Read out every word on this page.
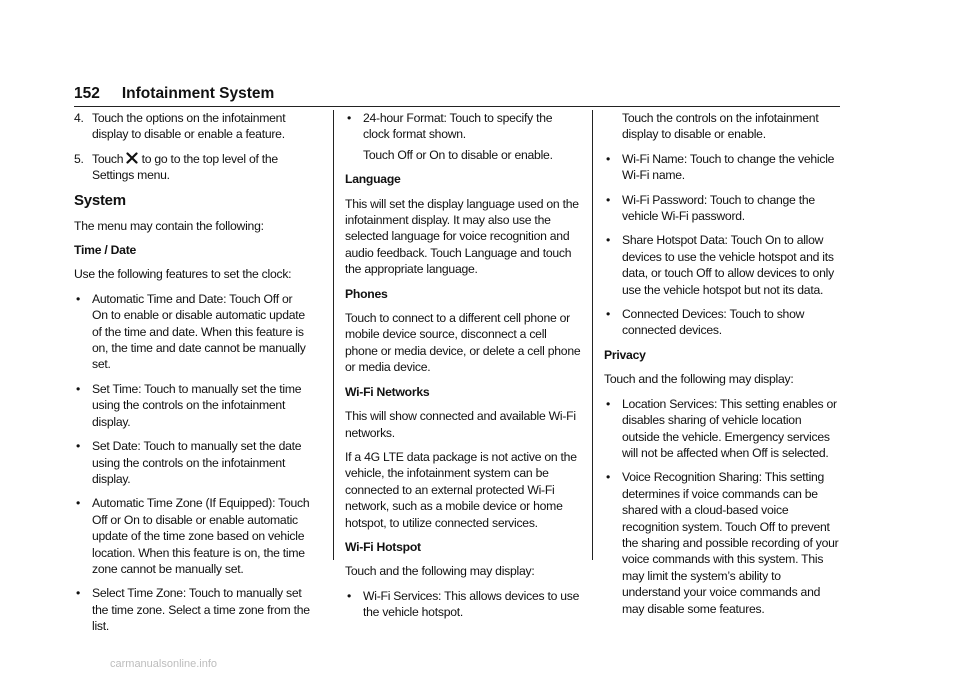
152 Infotainment System
4. Touch the options on the infotainment display to disable or enable a feature.
5. Touch to go to the top level of the Settings menu.
System

The menu may contain the following:

Time / Date

Use the following features to set the clock:

• Automatic Time and Date: Touch Off or On to enable or disable automatic update of the time and date. When this feature is on, the time and date cannot be manually set.
• Set Time: Touch to manually set the time using the controls on the infotainment display.
• Set Date: Touch to manually set the date using the controls on the infotainment display.
• Automatic Time Zone (If Equipped): Touch Off or On to disable or enable automatic update of the time zone based on vehicle location. When this feature is on, the time zone cannot be manually set.
• Select Time Zone: Touch to manually set the time zone. Select a time zone from the list.
• 24-hour Format: Touch to specify the clock format shown.

Touch Off or On to disable or enable.

Language

This will set the display language used on the infotainment display. It may also use the selected language for voice recognition and audio feedback. Touch Language and touch the appropriate language.

Phones

Touch to connect to a different cell phone or mobile device source, disconnect a cell phone or media device, or delete a cell phone or media device.

Wi-Fi Networks

This will show connected and available Wi-Fi networks.

If a 4G LTE data package is not active on the vehicle, the infotainment system can be connected to an external protected Wi-Fi network, such as a mobile device or home hotspot, to utilize connected services.

Wi-Fi Hotspot

Touch and the following may display:

• Wi-Fi Services: This allows devices to use the vehicle hotspot.

Touch the controls on the infotainment display to disable or enable.

• Wi-Fi Name: Touch to change the vehicle Wi-Fi name.
• Wi-Fi Password: Touch to change the vehicle Wi-Fi password.
• Share Hotspot Data: Touch On to allow devices to use the vehicle hotspot and its data, or touch Off to allow devices to only use the vehicle hotspot but not its data.
• Connected Devices: Touch to show connected devices.

Privacy

Touch and the following may display:

• Location Services: This setting enables or disables sharing of vehicle location outside the vehicle. Emergency services will not be affected when Off is selected.
• Voice Recognition Sharing: This setting determines if voice commands can be shared with a cloud-based voice recognition system. Touch Off to prevent the sharing and possible recording of your voice commands with this system. This may limit the system’s ability to understand your voice commands and may disable some features.
carmanualsonline.info
